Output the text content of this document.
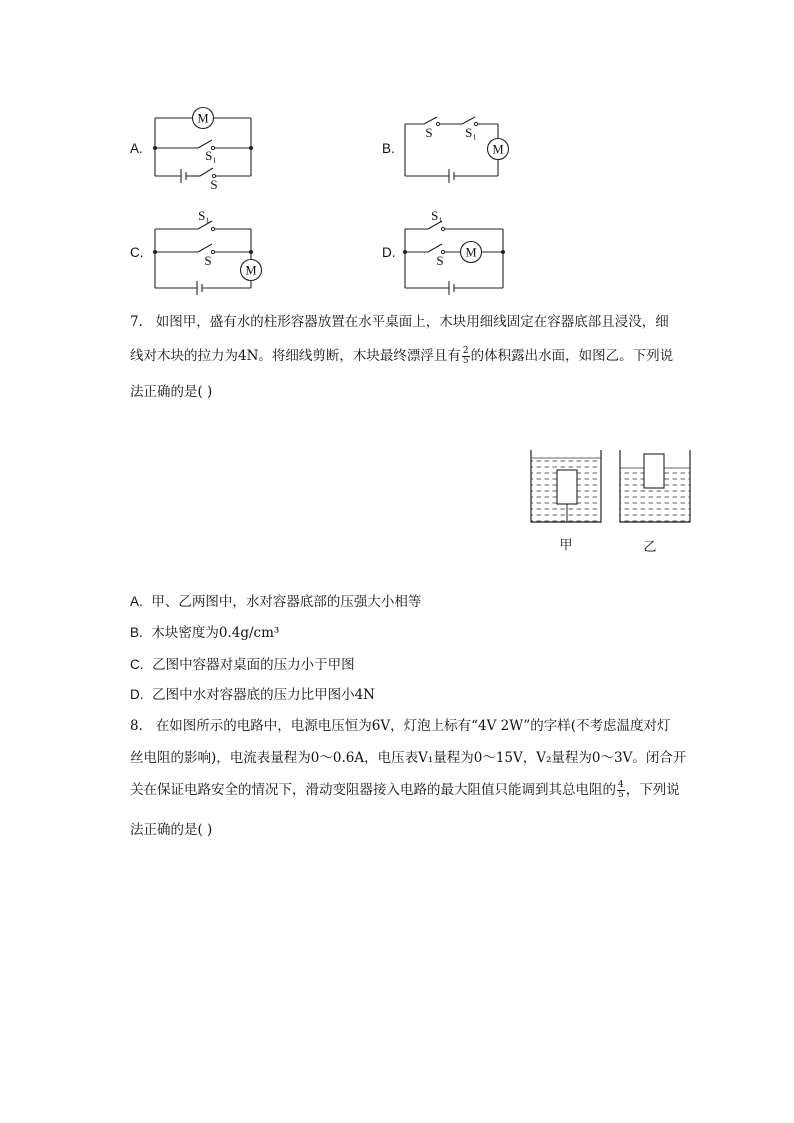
M
M
M
M
S₁
S
S	S₁
S₁
S
S₁
S
A.	B.
C.	D.
7. 如图甲，盛有水的柱形容器放置在水平桌面上，木块用细线固定在容器底部且浸没，细
线对木块的拉力为4N。将细线剪断，木块最终漂浮且有 $\frac{2}{5}$ 的体积露出水面，如图乙。下列说
法正确的是( )
甲	乙
A. 甲、乙两图中，水对容器底部的压强大小相等
B. 木块密度为0.4g/cm³
C. 乙图中容器对桌面的压力小于甲图
D. 乙图中水对容器底的压力比甲图小4N
8. 在如图所示的电路中，电源电压恒为6V，灯泡上标有“4V 2W”的字样(不考虑温度对灯
丝电阻的影响)，电流表量程为0～0.6A，电压表V₁量程为0～15V，V₂量程为0～3V。闭合开
关在保证电路安全的情况下，滑动变阻器接入电路的最大阻值只能调到其总电阻的 $\frac{4}{5}$ ，下列说
法正确的是( )
